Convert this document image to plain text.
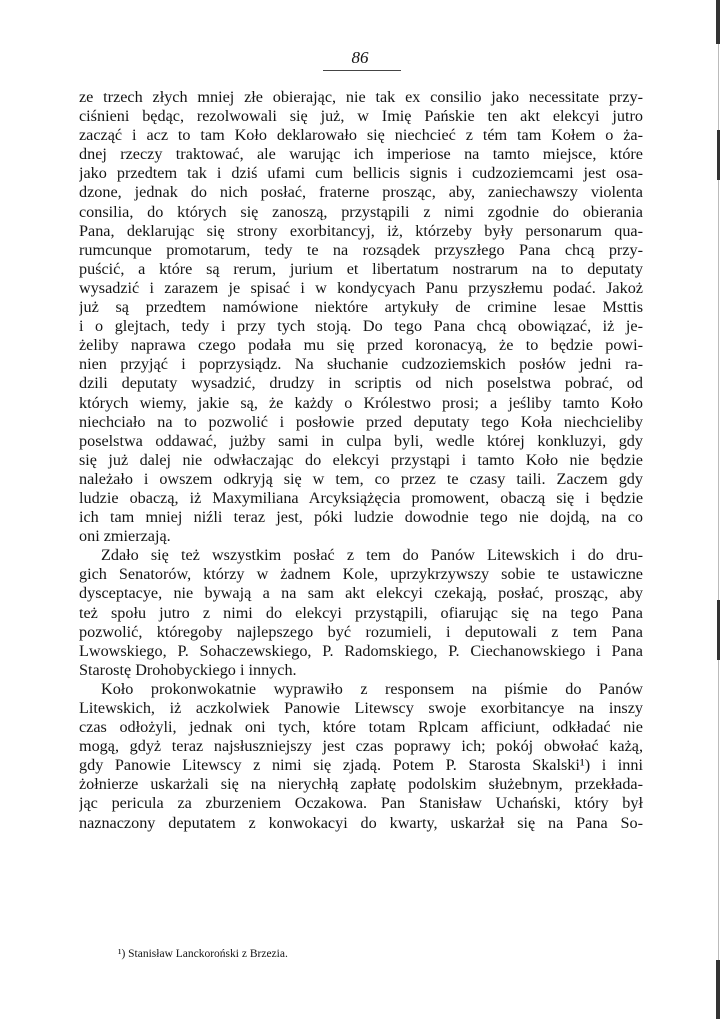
86
ze trzech złych mniej złe obierając, nie tak ex consilio jako necessitate przy-
ciśnieni będąc, rezolwowali się już, w Imię Pańskie ten akt elekcyi jutro
zacząć i acz to tam Koło deklarowało się niechcieć z tém tam Kołem o ża-
dnej rzeczy traktować, ale warując ich imperiose na tamto miejsce, które
jako przedtem tak i dziś ufami cum bellicis signis i cudzoziemcami jest osa-
dzone, jednak do nich posłać, fraterne prosząc, aby, zaniechawszy violenta
consilia, do których się zanoszą, przystąpili z nimi zgodnie do obierania
Pana, deklarując się strony exorbitancyj, iż, którzeby były personarum qua-
rumcunque promotarum, tedy te na rozsądek przyszłego Pana chcą przy-
puścić, a które są rerum, jurium et libertatum nostrarum na to deputaty
wysadzić i zarazem je spisać i w kondycyach Panu przyszłemu podać. Jakoż
już są przedtem namówione niektóre artykuły de crimine lesae Msttis
i o glejtach, tedy i przy tych stoją. Do tego Pana chcą obowiązać, iż je-
żeliby naprawa czego podała mu się przed koronacyą, że to będzie powi-
nien przyjąć i poprzysiądz. Na słuchanie cudzoziemskich posłów jedni ra-
dzili deputaty wysadzić, drudzy in scriptis od nich poselstwa pobrać, od
których wiemy, jakie są, że każdy o Królestwo prosi; a jeśliby tamto Koło
niechciało na to pozwolić i posłowie przed deputaty tego Koła niechcieliby
poselstwa oddawać, jużby sami in culpa byli, wedle której konkluzyi, gdy
się już dalej nie odwłaczając do elekcyi przystąpi i tamto Koło nie będzie
należało i owszem odkryją się w tem, co przez te czasy taili. Zaczem gdy
ludzie obaczą, iż Maxymiliana Arcyksiążęcia promowent, obaczą się i będzie
ich tam mniej niźli teraz jest, póki ludzie dowodnie tego nie dojdą, na co
oni zmierzają.
Zdało się też wszystkim posłać z tem do Panów Litewskich i do dru-
gich Senatorów, którzy w żadnem Kole, uprzykrzywszy sobie te ustawiczne
dysceptacye, nie bywają a na sam akt elekcyi czekają, posłać, prosząc, aby
też społu jutro z nimi do elekcyi przystąpili, ofiarując się na tego Pana
pozwolić, któregoby najlepszego być rozumieli, i deputowali z tem Pana
Lwowskiego, P. Sohaczewskiego, P. Radomskiego, P. Ciechanowskiego i Pana
Starostę Drohobyckiego i innych.
Koło prokonwokatnie wyprawiło z responsem na piśmie do Panów
Litewskich, iż aczkolwiek Panowie Litewscy swoje exorbitancye na inszy
czas odłożyli, jednak oni tych, które totam Rplcam afficiunt, odkładać nie
mogą, gdyż teraz najsłuszniejszy jest czas poprawy ich; pokój obwołać każą,
gdy Panowie Litewscy z nimi się zjadą. Potem P. Starosta Skalski¹) i inni
żołnierze uskarżali się na nierychłą zapłatę podolskim służebnym, przekłada-
jąc pericula za zburzeniem Oczakowa. Pan Stanisław Uchański, który był
naznaczony deputatem z konwokacyi do kwarty, uskarżał się na Pana So-
¹) Stanisław Lanckoroński z Brzezia.
